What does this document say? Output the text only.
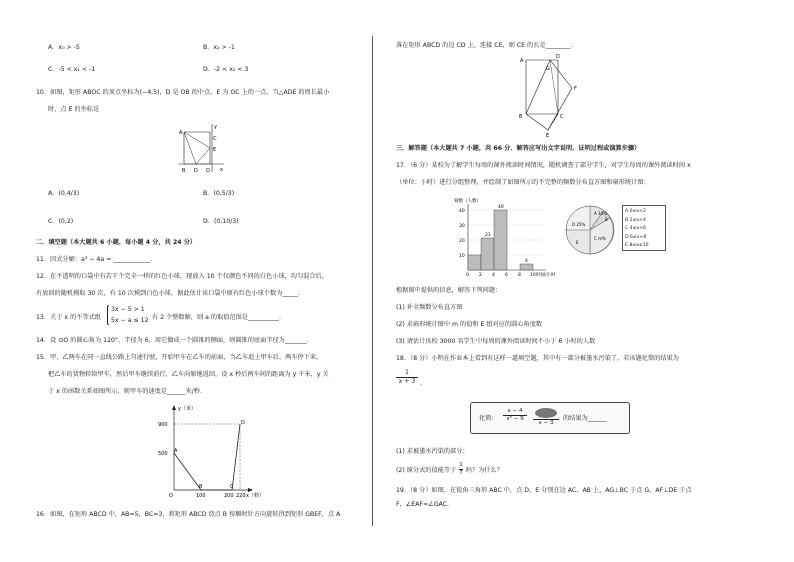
A．x₀ > -5	B．x₂ > -1
C．-5 < x₁ < -1	D．-2 < x₂ < 3
10．如图，矩形 ABOC 的顶点坐标为(−4,5)，D 是 OB 的中点，E 为 OC 上的一点，当△ADE 的周长最小
时，点 E 的坐标是
A
C
E
B D O x
y
A．(0,4/3)	B．(0,5/3)
C．(0,2)	D．(0,10/3)
二．填空题（本大题共 6 小题，每小题 4 分，共 24 分）
11．因式分解：a³ − 4a = ____________.
12．在不透明的口袋中有若干个完全一样的红色小球，现放入 10 个仅颜色不同的白色小球，均匀混合后，
有放回的随机摸取 30 次，有 10 次摸到白色小球，据此估计该口袋中原有红色小球个数为_____.
13．关于 x 的不等式组
3x − 5 > 1
5x − a ≤ 12 有 2 个整数解，则 a 的取值范围是__________.
14．设 ⊙O 的圆心角为 120°，半径为 6，用它做成一个圆锥的侧面，则圆锥的底面半径为_______.
15．甲、乙两车在同一直线公路上匀速行驶，开始甲车在乙车的前面，当乙车追上甲车后，两车停下来，
把乙车的货物转给甲车，然后甲车继续前行，乙车向原地返回，设 x 秒后两车间的距离为 y 千米，y 关
于 x 的函数关系如图所示，则甲车的速度是______米/秒.
y（米）
900
500
O
A
B	C
D
100	200 220 x（秒）
16．如图，在矩形 ABCD 中，AB=5，BC=3，将矩形 ABCD 绕点 B 按顺时针方向旋转得到矩形 GBEF，点 A
落在矩形 ABCD 的边 CD 上，连接 CE，则 CE 的长是________.
A
D
G
F
B	C
E
三．解答题（本大题共 7 小题，共 66 分．解答应写出文字说明、证明过程或演算步骤）
17．（6 分）某校为了解学生每周的课外阅读时间情况，随机调查了部分学生，对学生每周的课外阅读时间 x
（单位：小时）进行分组整理，并绘制了如图所示的不完整的频数分布直方图和扇形统计图：
频数（人数）
21
40
4
10
20
30
40
0 2 4 6 8 10 时间/小时
A 10%
B
C m%
D 25%
E
A 0≤x<2
B 2≤x<4
C 4≤x<6
D 6≤x<8
E 8≤x≤10
根据图中提供的信息，解答下列问题：
(1) 补全频数分布直方图
(2) 求扇形统计图中 m 的值和 E 组对应的圆心角度数
(3) 请估计该校 3000 名学生中每周的课外阅读时间不小于 6 小时的人数
18．（8 分）小明在作业本上看到有这样一道填空题，其中有一部分被墨水污染了，若该题化简的结果为
$\frac{1}{x + 3}$ .
化简： $\frac{x - 4}{\text{x² − 9}}$
x − 3
的结果为______
(1) 求被墨水污染的部分；
(2) 原分式的值能等于 $\frac{1}{7}$ 吗？为什么？
19．（8 分）如图，在锐角三角形 ABC 中，点 D，E 分别在边 AC，AB 上，AG⊥BC 于点 G，AF⊥DE 于点
F，∠EAF=∠GAC.
